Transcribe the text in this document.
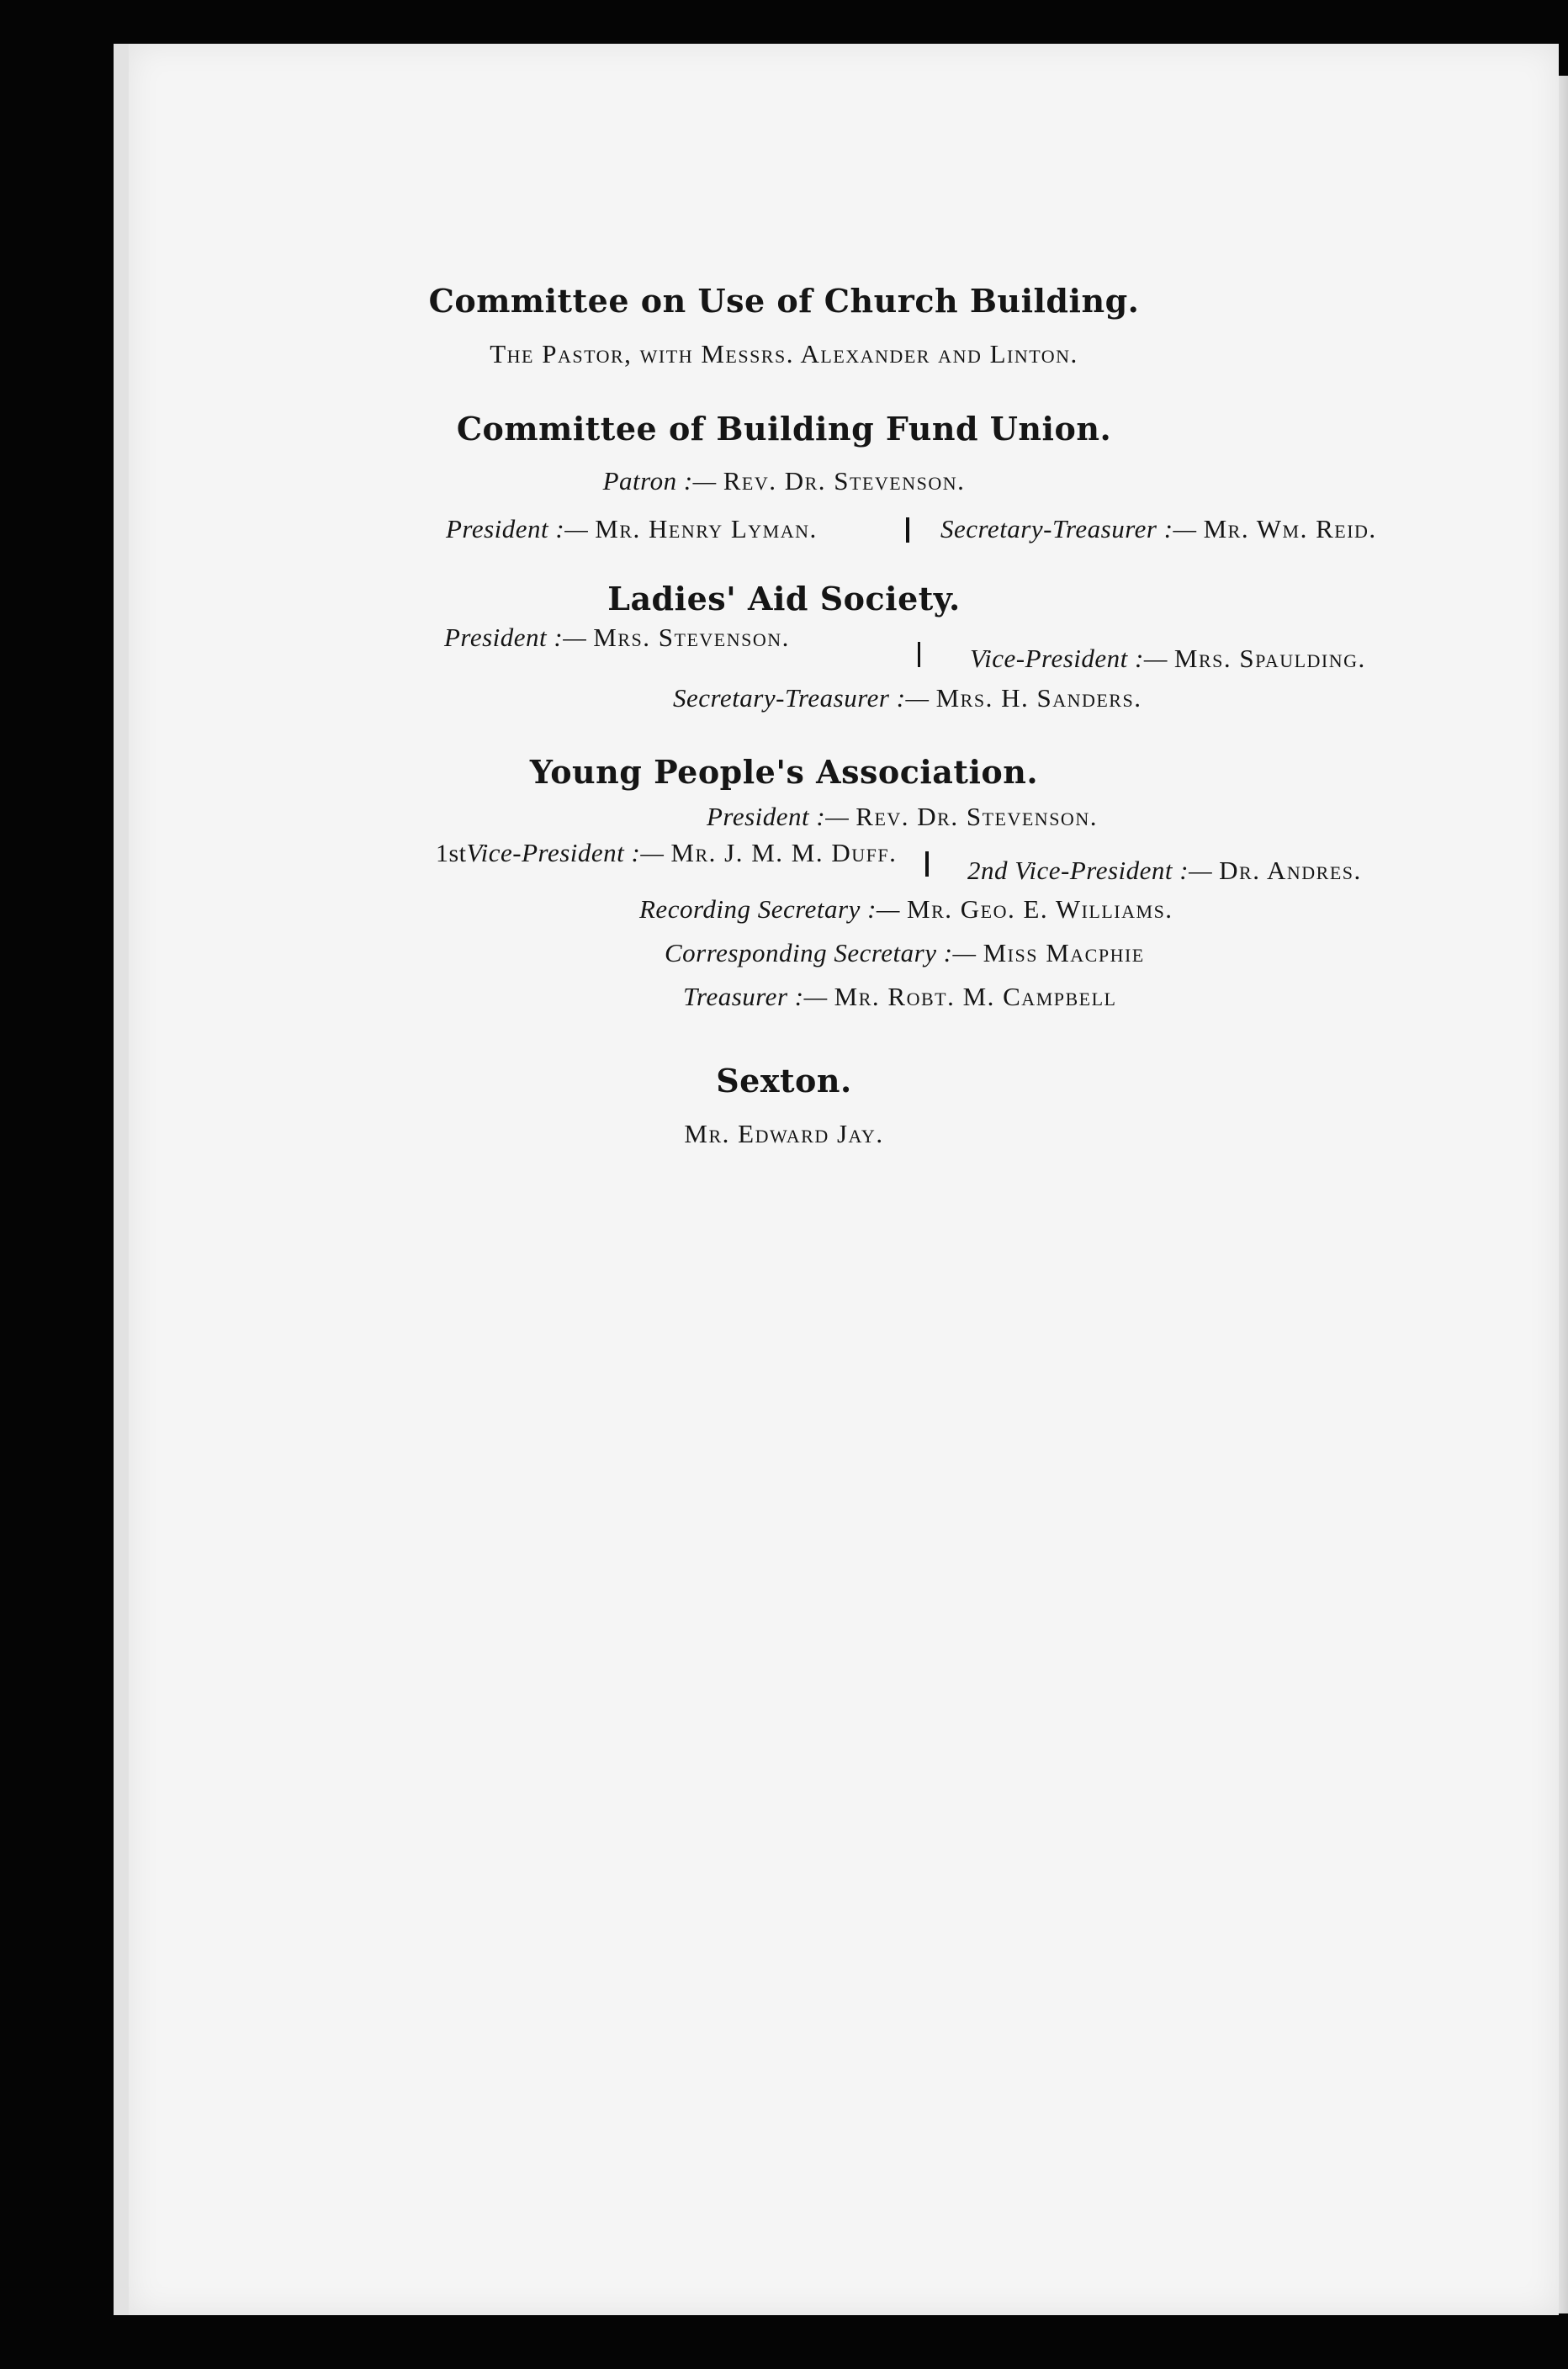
Committee on Use of Church Building.
The Pastor, with Messrs. Alexander and Linton.
Committee of Building Fund Union.
Patron :— Rev. Dr. Stevenson.
President :— Mr. Henry Lyman.	Secretary-Treasurer :— Mr. Wm. Reid.
Ladies' Aid Society.
President :— Mrs. Stevenson.
Vice-President :— Mrs. Spaulding.
Secretary-Treasurer :— Mrs. H. Sanders.
Young People's Association.
President :— Rev. Dr. Stevenson.
1stVice-President :— Mr. J. M. M. Duff.
2nd Vice-President :— Dr. Andres.
Recording Secretary :— Mr. Geo. E. Williams.
Corresponding Secretary :— Miss Macphie
Treasurer :— Mr. Robt. M. Campbell
Sexton.
Mr. Edward Jay.
